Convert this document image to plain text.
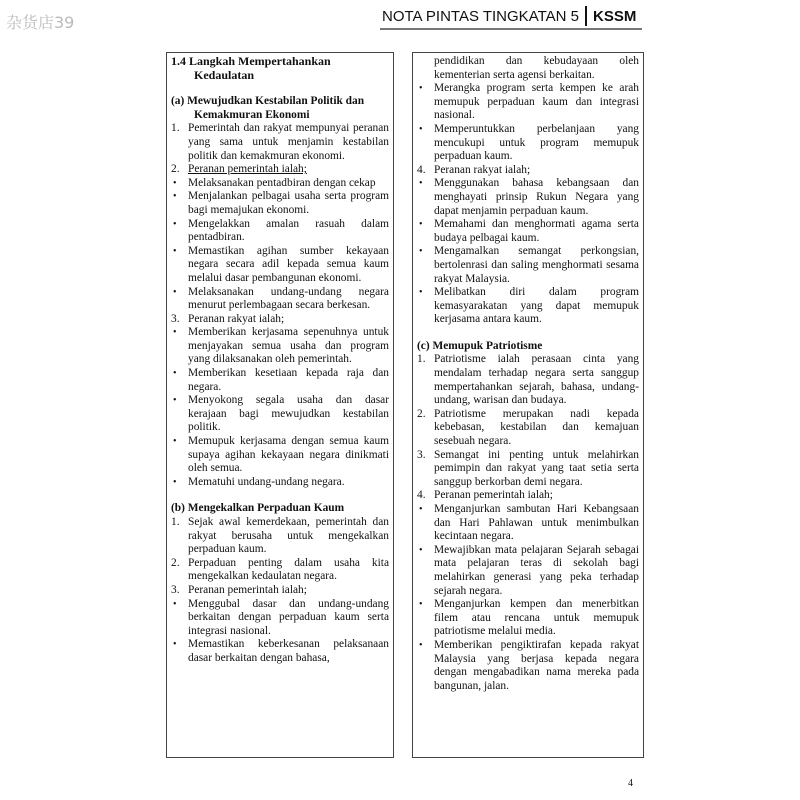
杂货店39	NOTA PINTAS TINGKATAN 5 KSSM
1.4 Langkah Mempertahankan
Kedaulatan
(a) Mewujudkan Kestabilan Politik dan
Kemakmuran Ekonomi
1. Pemerintah dan rakyat mempunyai peranan yang sama untuk menjamin kestabilan politik dan kemakmuran ekonomi.
2. Peranan pemerintah ialah;
• Melaksanakan pentadbiran dengan cekap
• Menjalankan pelbagai usaha serta program bagi memajukan ekonomi.
• Mengelakkan amalan rasuah dalam pentadbiran.
• Memastikan agihan sumber kekayaan negara secara adil kepada semua kaum melalui dasar pembangunan ekonomi.
• Melaksanakan undang-undang negara menurut perlembagaan secara berkesan.
3. Peranan rakyat ialah;
• Memberikan kerjasama sepenuhnya untuk menjayakan semua usaha dan program yang dilaksanakan oleh pemerintah.
• Memberikan kesetiaan kepada raja dan negara.
• Menyokong segala usaha dan dasar kerajaan bagi mewujudkan kestabilan politik.
• Memupuk kerjasama dengan semua kaum supaya agihan kekayaan negara dinikmati oleh semua.
• Mematuhi undang-undang negara.
(b) Mengekalkan Perpaduan Kaum
1. Sejak awal kemerdekaan, pemerintah dan rakyat berusaha untuk mengekalkan perpaduan kaum.
2. Perpaduan penting dalam usaha kita mengekalkan kedaulatan negara.
3. Peranan pemerintah ialah;
• Menggubal dasar dan undang-undang berkaitan dengan perpaduan kaum serta integrasi nasional.
• Memastikan keberkesanan pelaksanaan dasar berkaitan dengan bahasa,
pendidikan dan kebudayaan oleh kementerian serta agensi berkaitan.
• Merangka program serta kempen ke arah memupuk perpaduan kaum dan integrasi nasional.
• Memperuntukkan perbelanjaan yang mencukupi untuk program memupuk perpaduan kaum.
4. Peranan rakyat ialah;
• Menggunakan bahasa kebangsaan dan menghayati prinsip Rukun Negara yang dapat menjamin perpaduan kaum.
• Memahami dan menghormati agama serta budaya pelbagai kaum.
• Mengamalkan semangat perkongsian, bertolenrasi dan saling menghormati sesama rakyat Malaysia.
• Melibatkan diri dalam program kemasyarakatan yang dapat memupuk kerjasama antara kaum.
(c) Memupuk Patriotisme
1. Patriotisme ialah perasaan cinta yang mendalam terhadap negara serta sanggup mempertahankan sejarah, bahasa, undang-undang, warisan dan budaya.
2. Patriotisme merupakan nadi kepada kebebasan, kestabilan dan kemajuan sesebuah negara.
3. Semangat ini penting untuk melahirkan pemimpin dan rakyat yang taat setia serta sanggup berkorban demi negara.
4. Peranan pemerintah ialah;
• Menganjurkan sambutan Hari Kebangsaan dan Hari Pahlawan untuk menimbulkan kecintaan negara.
• Mewajibkan mata pelajaran Sejarah sebagai mata pelajaran teras di sekolah bagi melahirkan generasi yang peka terhadap sejarah negara.
• Menganjurkan kempen dan menerbitkan filem atau rencana untuk memupuk patriotisme melalui media.
• Memberikan pengiktirafan kepada rakyat Malaysia yang berjasa kepada negara dengan mengabadikan nama mereka pada bangunan, jalan.
4
